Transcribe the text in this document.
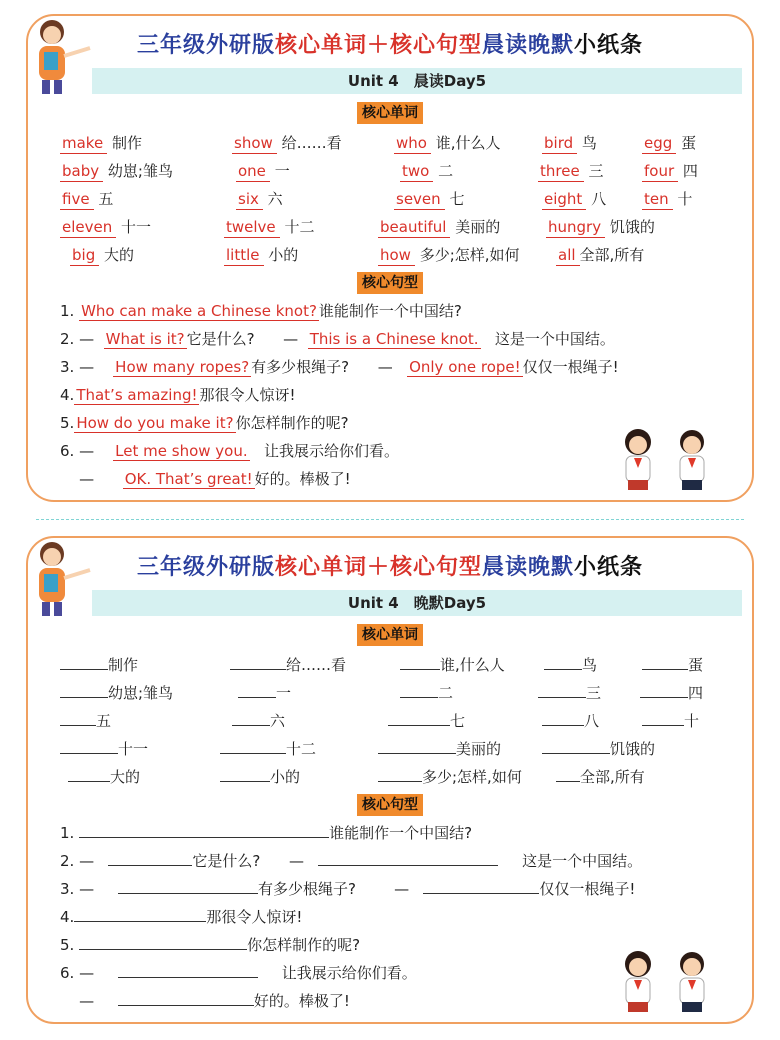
三年级外研版核心单词＋核心句型晨读晚默小纸条
Unit 4　晨读Day5
核心单词
make 制作	show 给……看	who 谁,什么人	bird 鸟	egg 蛋
baby 幼崽;雏鸟	one 一	two 二	three 三	four 四
five 五	six 六	seven 七	eight 八	ten 十
eleven 十一	twelve 十二	beautiful 美丽的	hungry 饥饿的
big 大的	little 小的	how 多少;怎样,如何	all 全部,所有
核心句型
1. Who can make a Chinese knot? 谁能制作一个中国结?
2. — What is it? 它是什么? — This is a Chinese knot. 这是一个中国结。
3. — How many ropes? 有多少根绳子? — Only one rope! 仅仅一根绳子!
4. That’s amazing! 那很令人惊讶!
5. How do you make it? 你怎样制作的呢?
6. — Let me show you. 让我展示给你们看。
— OK. That’s great! 好的。棒极了!
三年级外研版核心单词＋核心句型晨读晚默小纸条
Unit 4　晚默Day5
核心单词
制作	给……看	谁,什么人	鸟	蛋
幼崽;雏鸟	一	二	三	四
五	六	七	八	十
十一	十二	美丽的	饥饿的
大的	小的	多少;怎样,如何	全部,所有
核心句型
1.	谁能制作一个中国结?
2. —	它是什么? —	这是一个中国结。
3. —	有多少根绳子?	—	仅仅一根绳子!
4.	那很令人惊讶!
5.	你怎样制作的呢?
6. —	让我展示给你们看。
—	好的。棒极了!
